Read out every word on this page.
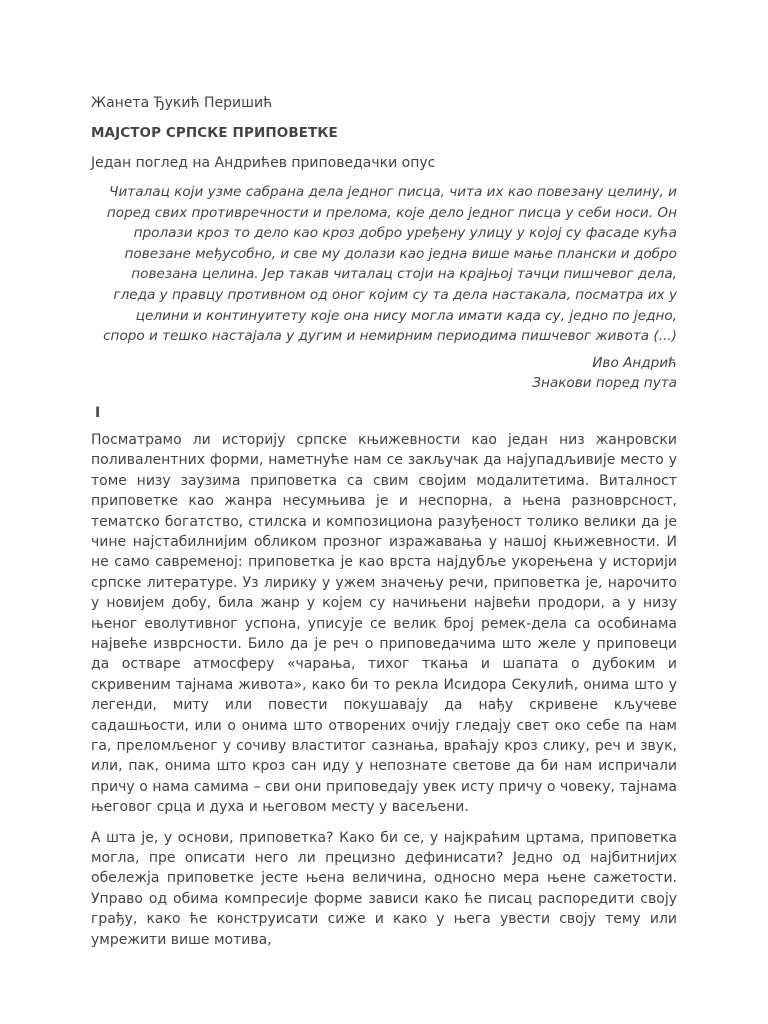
Жанета Ђукић Перишић

МАЈСТОР СРПСКЕ ПРИПОВЕТКЕ

Један поглед на Андрићев приповедачки опус

Читалац који узме сабрана дела једног писца, чита их као повезану целину, и поред свих противречности и прелома, које дело једног писца у себи носи. Он пролази кроз то дело као кроз добро уређену улицу у којој су фасаде кућа повезане међусобно, и све му долази као једна више мање плански и добро повезана целина. Јер такав читалац стоји на крајњој тачци пишчевог дела, гледа у правцу противном од оног којим су та дела настакала, посматра их у целини и континуитету које она нису могла имати када су, једно по једно, споро и тешко настајала у дугим и немирним периодима пишчевог живота (...)

Иво Андрић

Знакови поред пута

I

Посматрамо ли историју српске књижевности као један низ жанровски поливалентних форми, наметнуће нам се закључак да најупадљивије место у томе низу заузима приповетка са свим својим модалитетима. Виталност приповетке као жанра несумњива је и неспорна, а њена разноврсност, тематско богатство, стилска и композициона разуђеност толико велики да је чине најстабилнијим обликом прозног изражавања у нашој књижевности. И не само савременој: приповетка је као врста најдубље укорењена у историји српске литературе. Уз лирику у ужем значењу речи, приповетка је, нарочито у новијем добу, била жанр у којем су начињени највећи продори, а у низу њеног еволутивног успона, уписује се велик број ремек-дела са особинама највеће изврсности. Било да је реч о приповедачима што желе у приповеци да остваре атмосферу «чарања, тихог ткања и шапата о дубоким и скривеним тајнама живота», како би то рекла Исидора Секулић, онима што у легенди, миту или повести покушавају да нађу скривене кључеве садашњости, или о онима што отворених очију гледају свет око себе па нам га, преломљеног у сочиву властитог сазнања, враћају кроз слику, реч и звук, или, пак, онима што кроз сан иду у непознате светове да би нам испричали причу о нама самима – сви они приповедају увек исту причу о човеку, тајнама његовог срца и духа и његовом месту у васељени.

А шта је, у основи, приповетка? Како би се, у најкраћим цртама, приповетка могла, пре описати него ли прецизно дефинисати? Једно од најбитнијих обележја приповетке јесте њена величина, односно мера њене сажетости. Управо од обима компресије форме зависи како ће писац распоредити своју грађу, како ће конструисати сиже и како у њега увести своју тему или умрежити више мотива,
